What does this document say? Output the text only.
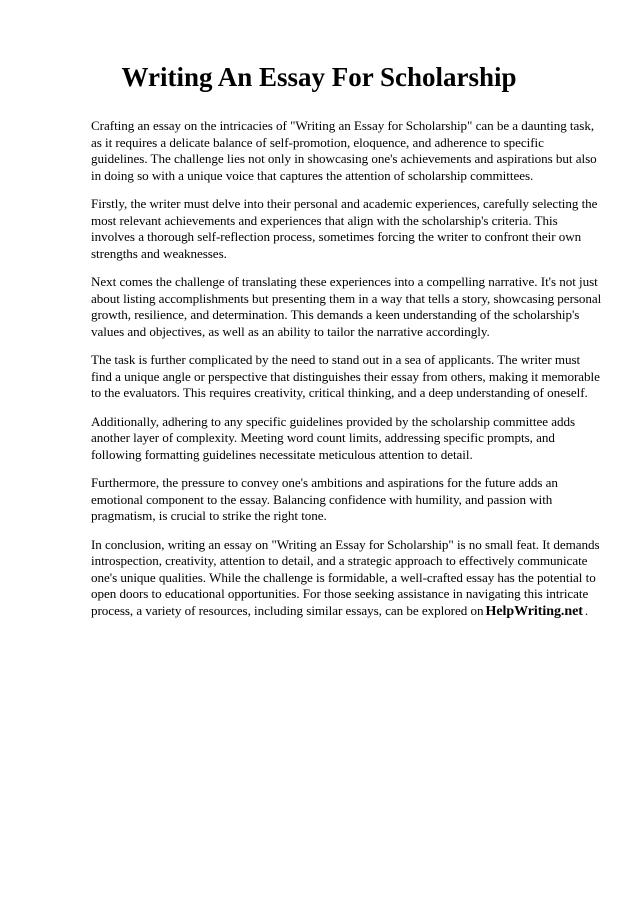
Writing An Essay For Scholarship

Crafting an essay on the intricacies of "Writing an Essay for Scholarship" can be a daunting task, as it requires a delicate balance of self-promotion, eloquence, and adherence to specific guidelines. The challenge lies not only in showcasing one's achievements and aspirations but also in doing so with a unique voice that captures the attention of scholarship committees.

Firstly, the writer must delve into their personal and academic experiences, carefully selecting the most relevant achievements and experiences that align with the scholarship's criteria. This involves a thorough self-reflection process, sometimes forcing the writer to confront their own strengths and weaknesses.

Next comes the challenge of translating these experiences into a compelling narrative. It's not just about listing accomplishments but presenting them in a way that tells a story, showcasing personal growth, resilience, and determination. This demands a keen understanding of the scholarship's values and objectives, as well as an ability to tailor the narrative accordingly.

The task is further complicated by the need to stand out in a sea of applicants. The writer must find a unique angle or perspective that distinguishes their essay from others, making it memorable to the evaluators. This requires creativity, critical thinking, and a deep understanding of oneself.

Additionally, adhering to any specific guidelines provided by the scholarship committee adds another layer of complexity. Meeting word count limits, addressing specific prompts, and following formatting guidelines necessitate meticulous attention to detail.

Furthermore, the pressure to convey one's ambitions and aspirations for the future adds an emotional component to the essay. Balancing confidence with humility, and passion with pragmatism, is crucial to strike the right tone.

In conclusion, writing an essay on "Writing an Essay for Scholarship" is no small feat. It demands introspection, creativity, attention to detail, and a strategic approach to effectively communicate one's unique qualities. While the challenge is formidable, a well-crafted essay has the potential to open doors to educational opportunities. For those seeking assistance in navigating this intricate process, a variety of resources, including similar essays, can be explored on HelpWriting.net .
